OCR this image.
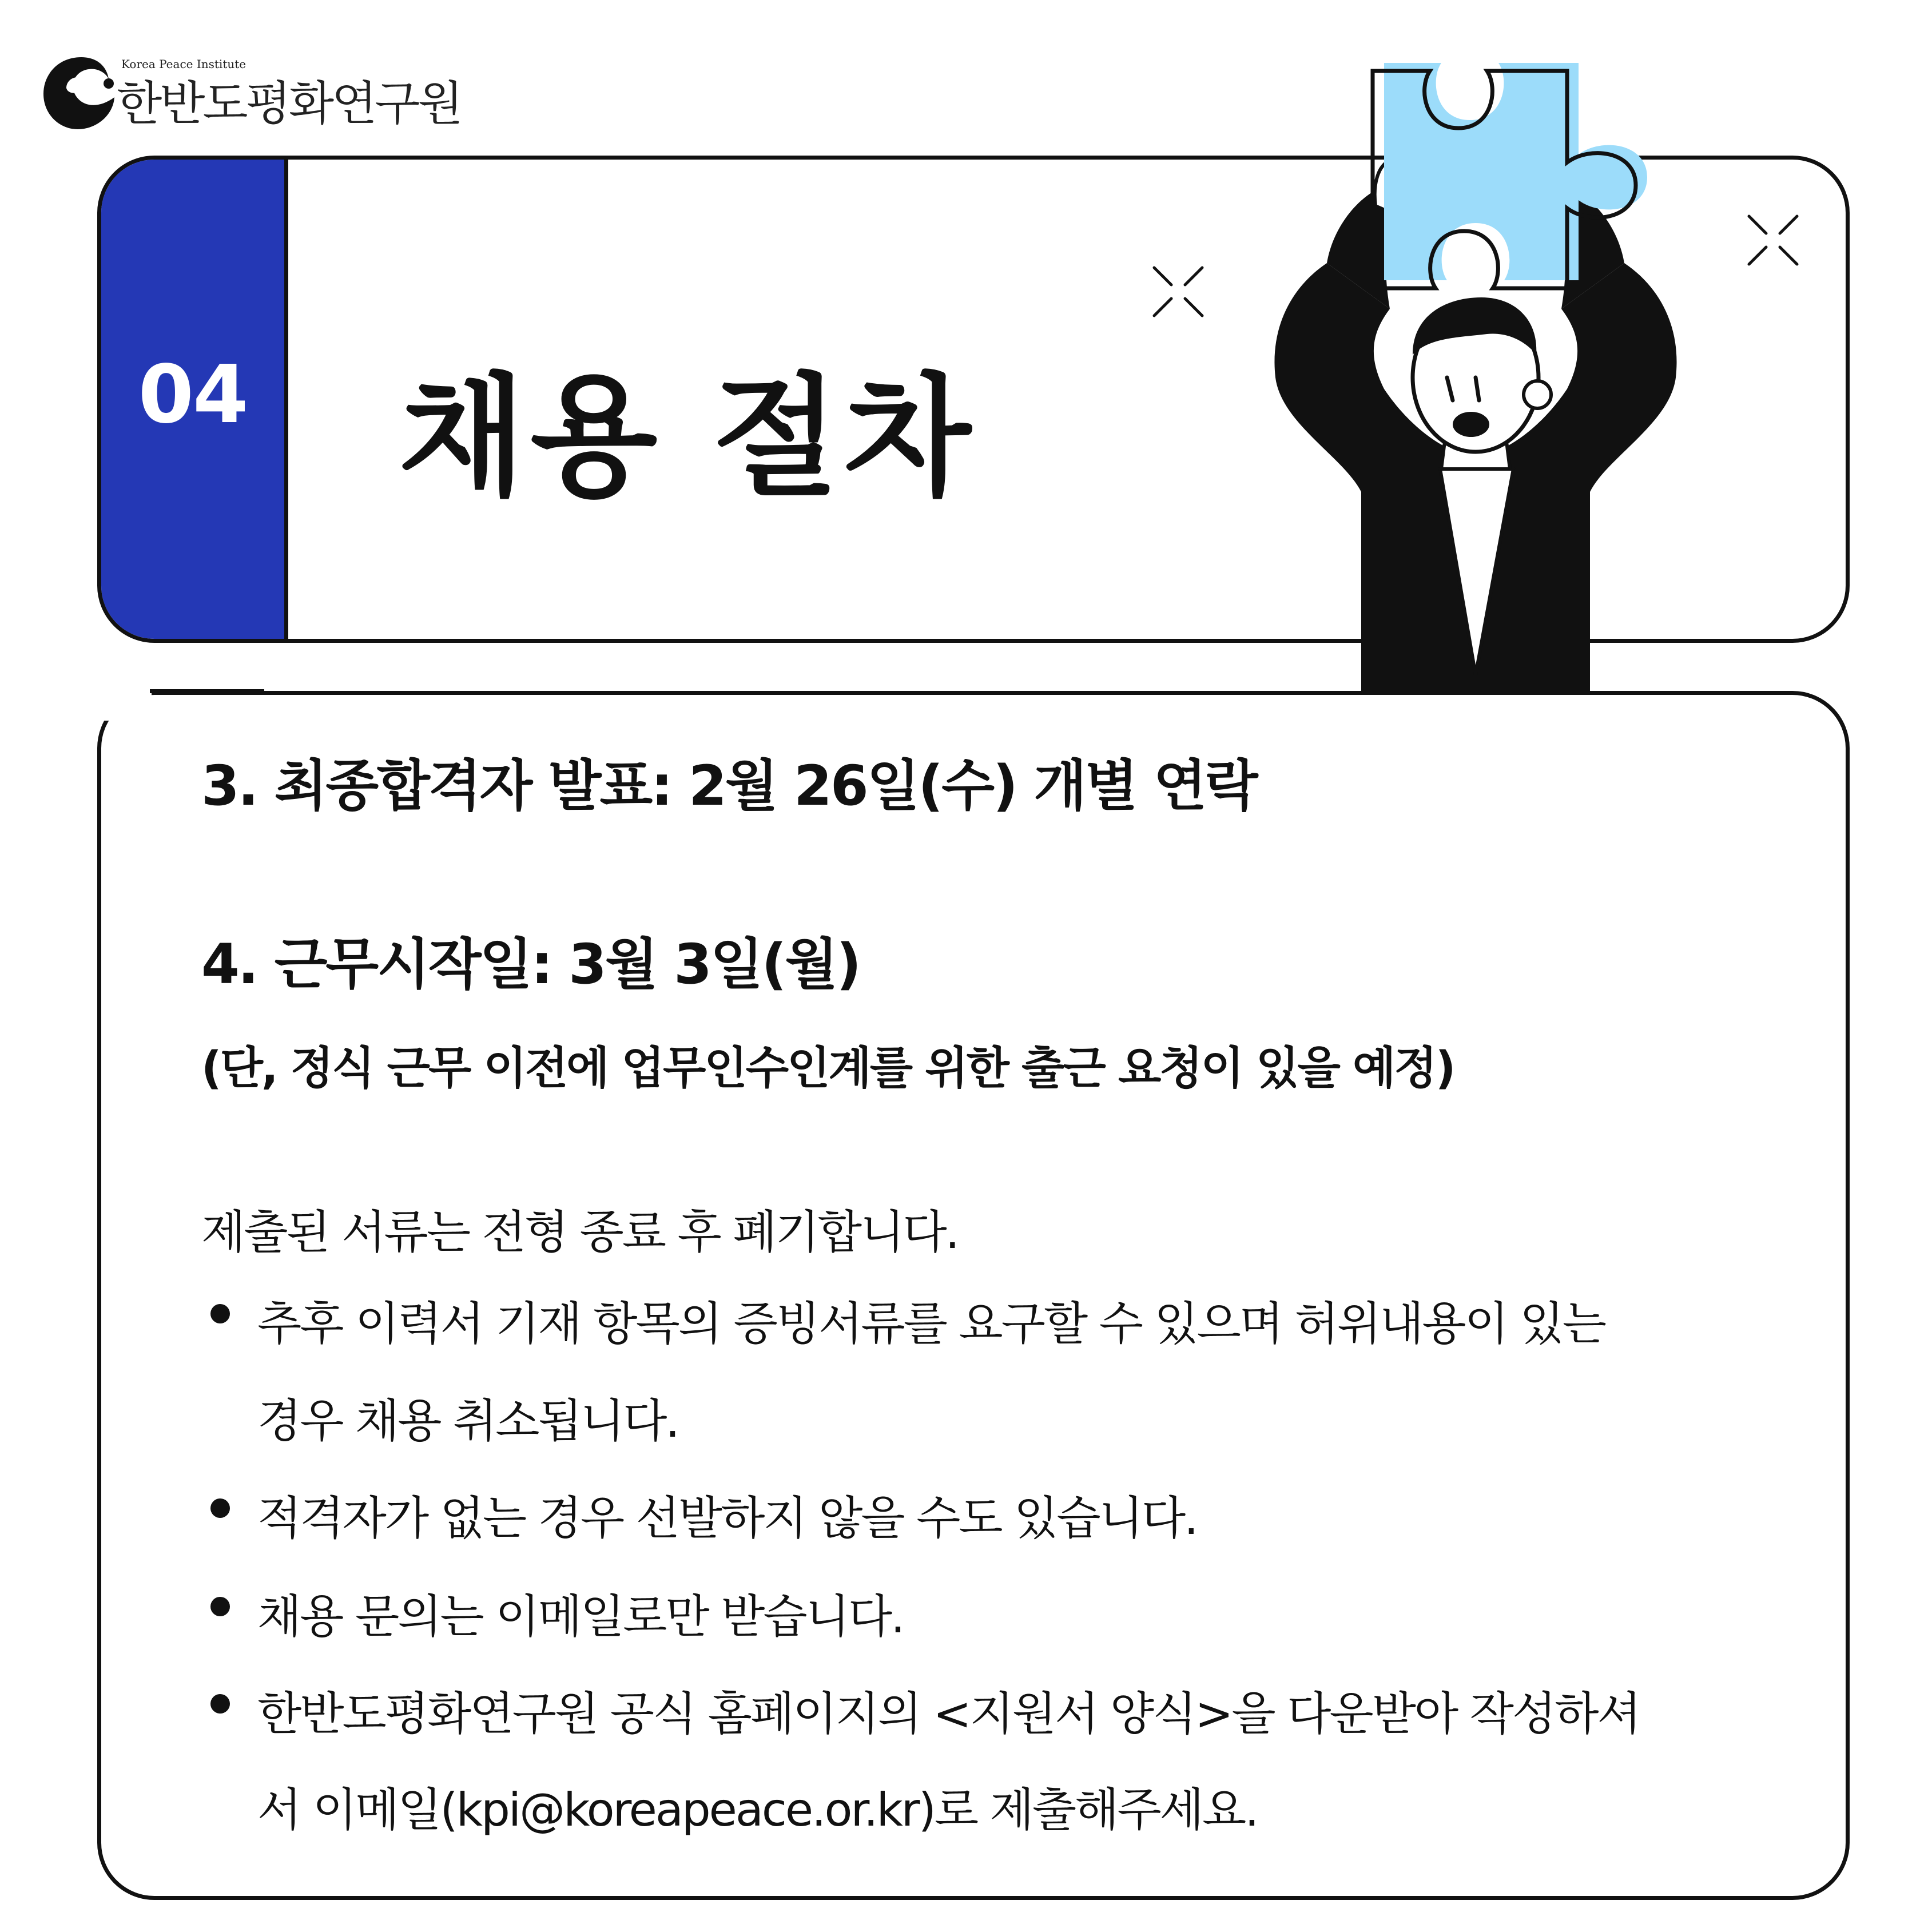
Korea Peace Institute
한반도평화연구원
04 채용 절차
3. 최종합격자 발표: 2월 26일(수) 개별 연락
4. 근무시작일: 3월 3일(월)
(단, 정식 근무 이전에 업무인수인계를 위한 출근 요청이 있을 예정)
제출된 서류는 전형 종료 후 폐기합니다.
추후 이력서 기재 항목의 증빙서류를 요구할 수 있으며 허위내용이 있는
경우 채용 취소됩니다.
적격자가 없는 경우 선발하지 않을 수도 있습니다.
채용 문의는 이메일로만 받습니다.
한반도평화연구원 공식 홈페이지의 <지원서 양식>을 다운받아 작성하셔
서 이메일(kpi@koreapeace.or.kr)로 제출해주세요.
